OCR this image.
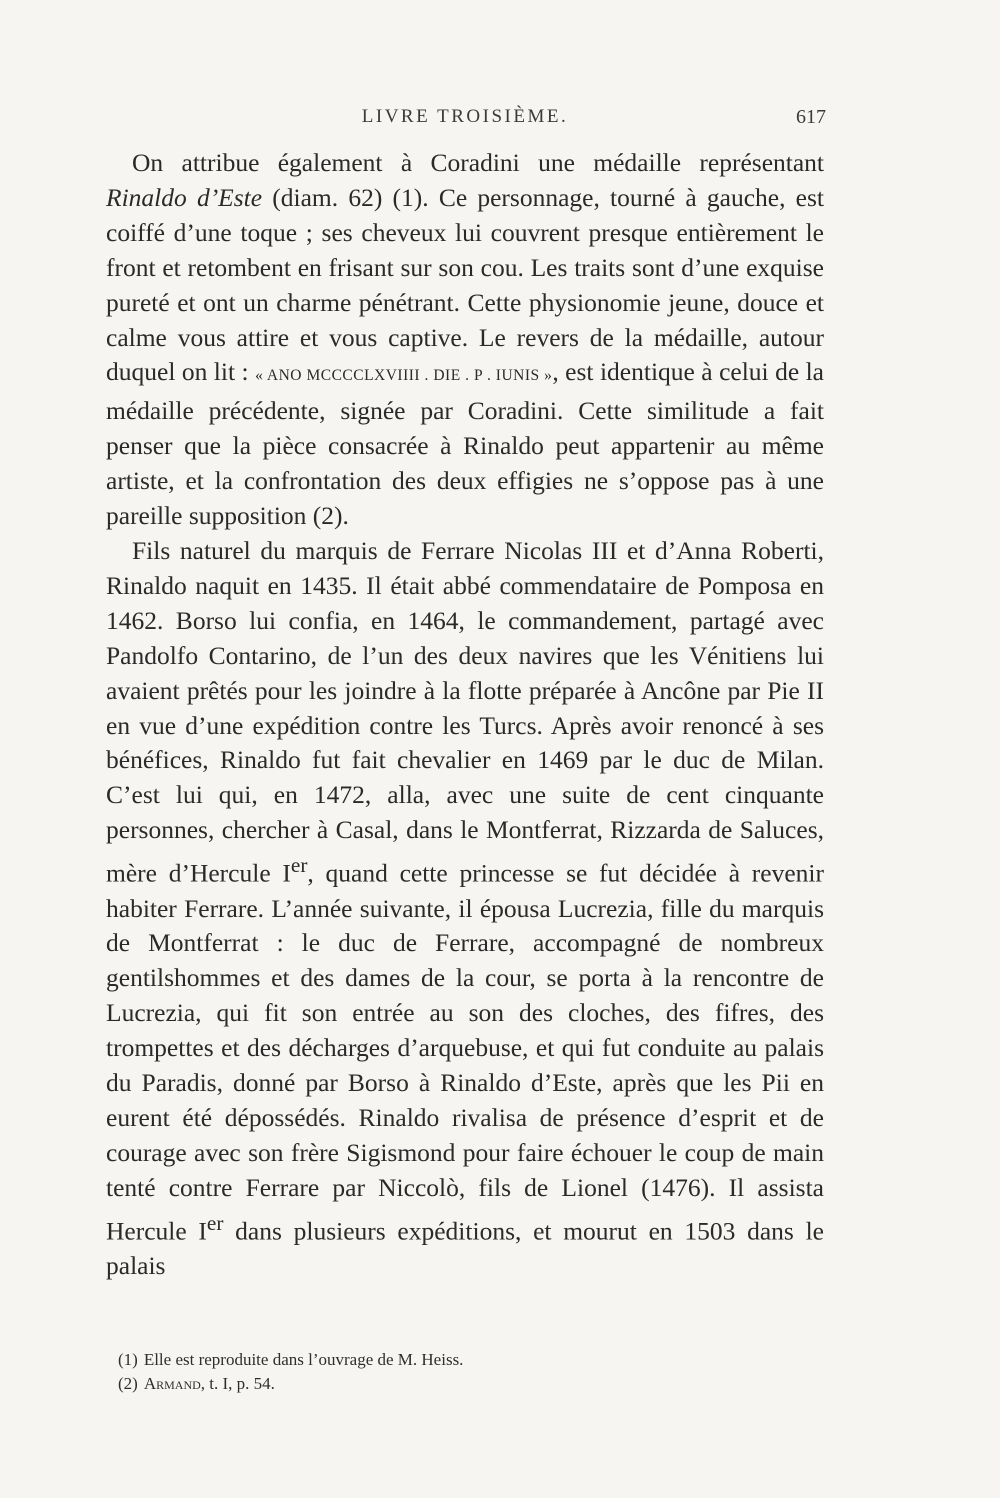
LIVRE TROISIÈME.	617

On attribue également à Coradini une médaille représentant Rinaldo d’Este (diam. 62) (1). Ce personnage, tourné à gauche, est coiffé d’une toque ; ses cheveux lui couvrent presque entièrement le front et retombent en frisant sur son cou. Les traits sont d’une exquise pureté et ont un charme pénétrant. Cette physionomie jeune, douce et calme vous attire et vous captive. Le revers de la médaille, autour duquel on lit : « ANO MCCCCLXVIIII . DIE . P . IUNIS », est identique à celui de la médaille précédente, signée par Coradini. Cette similitude a fait penser que la pièce consacrée à Rinaldo peut appartenir au même artiste, et la confrontation des deux effigies ne s’oppose pas à une pareille supposition (2).

Fils naturel du marquis de Ferrare Nicolas III et d’Anna Roberti, Rinaldo naquit en 1435. Il était abbé commendataire de Pomposa en 1462. Borso lui confia, en 1464, le commandement, partagé avec Pandolfo Contarino, de l’un des deux navires que les Vénitiens lui avaient prêtés pour les joindre à la flotte préparée à Ancône par Pie II en vue d’une expédition contre les Turcs. Après avoir renoncé à ses bénéfices, Rinaldo fut fait chevalier en 1469 par le duc de Milan. C’est lui qui, en 1472, alla, avec une suite de cent cinquante personnes, chercher à Casal, dans le Montferrat, Rizzarda de Saluces, mère d’Hercule Ier, quand cette princesse se fut décidée à revenir habiter Ferrare. L’année suivante, il épousa Lucrezia, fille du marquis de Montferrat : le duc de Ferrare, accompagné de nombreux gentilshommes et des dames de la cour, se porta à la rencontre de Lucrezia, qui fit son entrée au son des cloches, des fifres, des trompettes et des décharges d’arquebuse, et qui fut conduite au palais du Paradis, donné par Borso à Rinaldo d’Este, après que les Pii en eurent été dépossédés. Rinaldo rivalisa de présence d’esprit et de courage avec son frère Sigismond pour faire échouer le coup de main tenté contre Ferrare par Niccolò, fils de Lionel (1476). Il assista Hercule Ier dans plusieurs expéditions, et mourut en 1503 dans le palais

(1) Elle est reproduite dans l’ouvrage de M. Heiss.

(2) Armand, t. I, p. 54.
